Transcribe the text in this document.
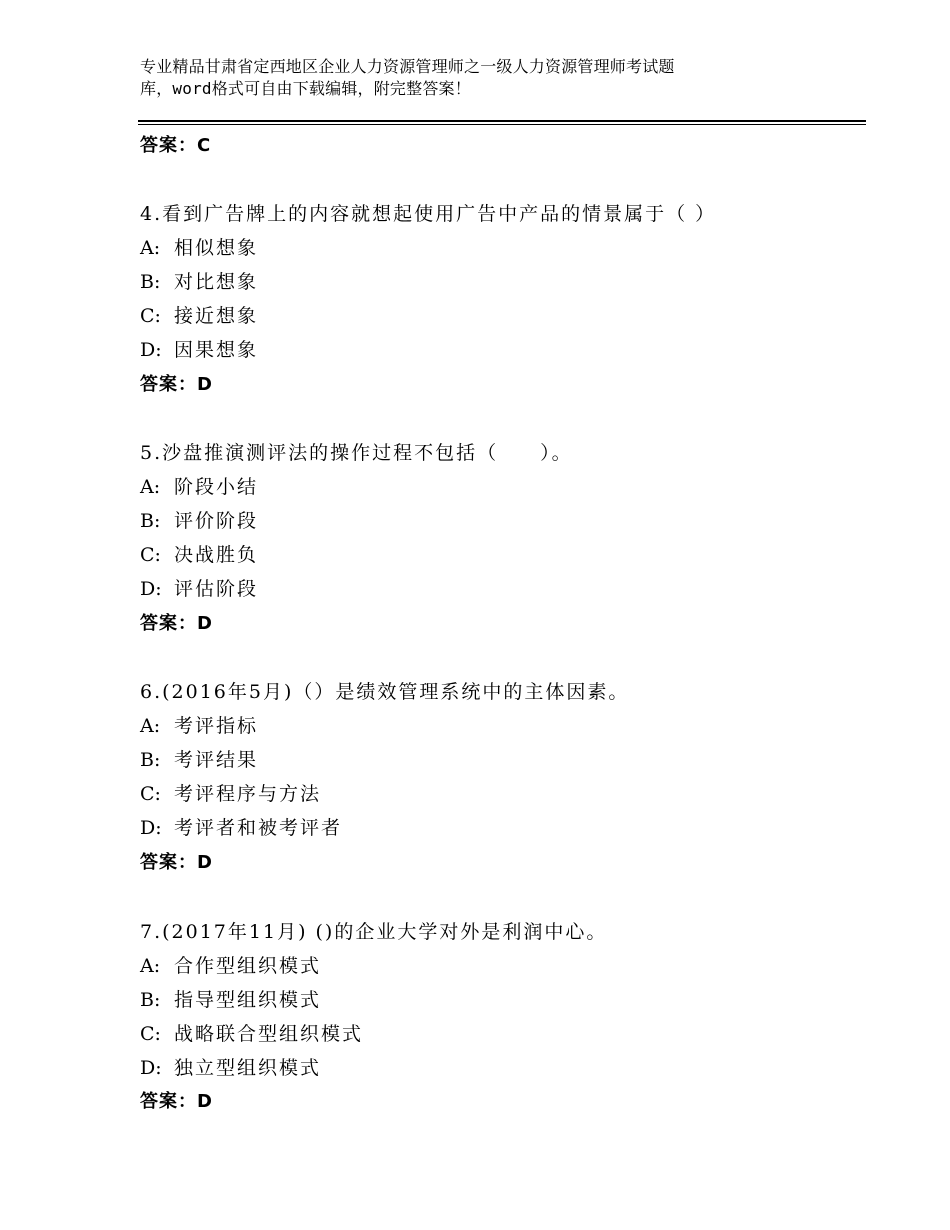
专业精品甘肃省定西地区企业人力资源管理师之一级人力资源管理师考试题
库，word格式可自由下载编辑，附完整答案！
答案：C
4.看到广告牌上的内容就想起使用广告中产品的情景属于（ ）
A: 相似想象
B: 对比想象
C: 接近想象
D: 因果想象
答案：D
5.沙盘推演测评法的操作过程不包括（　　）。
A: 阶段小结
B: 评价阶段
C: 决战胜负
D: 评估阶段
答案：D
6.(2016年5月)（）是绩效管理系统中的主体因素。
A: 考评指标
B: 考评结果
C: 考评程序与方法
D: 考评者和被考评者
答案：D
7.(2017年11月) ()的企业大学对外是利润中心。
A: 合作型组织模式
B: 指导型组织模式
C: 战略联合型组织模式
D: 独立型组织模式
答案：D
